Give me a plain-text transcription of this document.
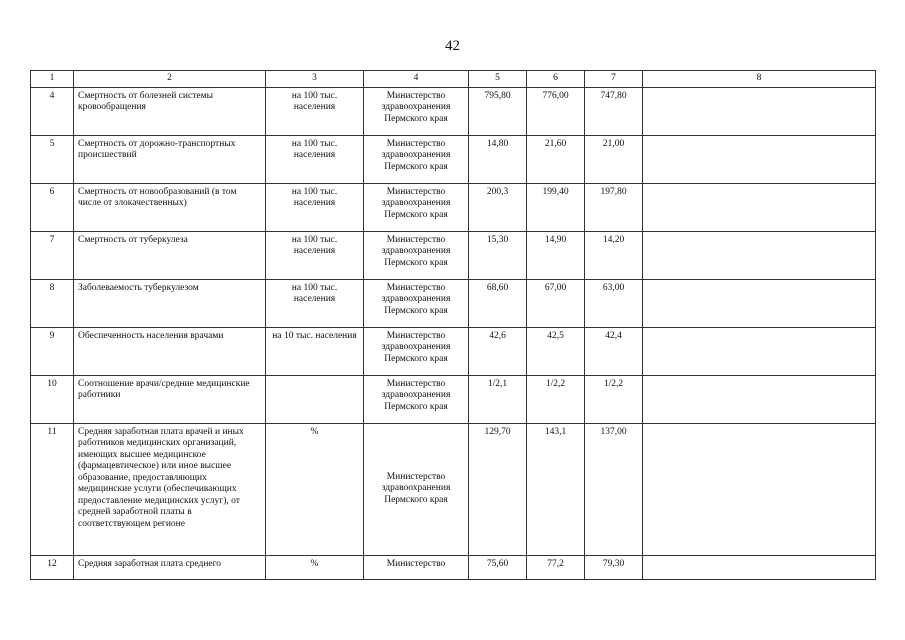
42
1	2	3	4	5	6	7	8
4	Смертность от болезней системы кровообращения	на 100 тыс. населения	Министерство здравоохранения Пермского края	795,80	776,00	747,80	
5	Смертность от дорожно-транспортных происшествий	на 100 тыс. населения	Министерство здравоохранения Пермского края	14,80	21,60	21,00	
6	Смертность от новообразований (в том числе от злокачественных)	на 100 тыс. населения	Министерство здравоохранения Пермского края	200,3	199,40	197,80	
7	Смертность от туберкулеза	на 100 тыс. населения	Министерство здравоохранения Пермского края	15,30	14,90	14,20	
8	Заболеваемость туберкулезом	на 100 тыс. населения	Министерство здравоохранения Пермского края	68,60	67,00	63,00	
9	Обеспеченность населения врачами	на 10 тыс. населения	Министерство здравоохранения Пермского края	42,6	42,5	42,4	
10	Соотношение врачи/средние медицинские работники		Министерство здравоохранения Пермского края	1/2,1	1/2,2	1/2,2	
11	Средняя заработная плата врачей и иных работников медицинских организаций, имеющих высшее медицинское (фармацевтическое) или иное высшее образование, предоставляющих медицинские услуги (обеспечивающих предоставление медицинских услуг), от средней заработной платы в соответствующем регионе	%	Министерство здравоохранения Пермского края	129,70	143,1	137,00	
12	Средняя заработная плата среднего	%	Министерство	75,60	77,2	79,30	
